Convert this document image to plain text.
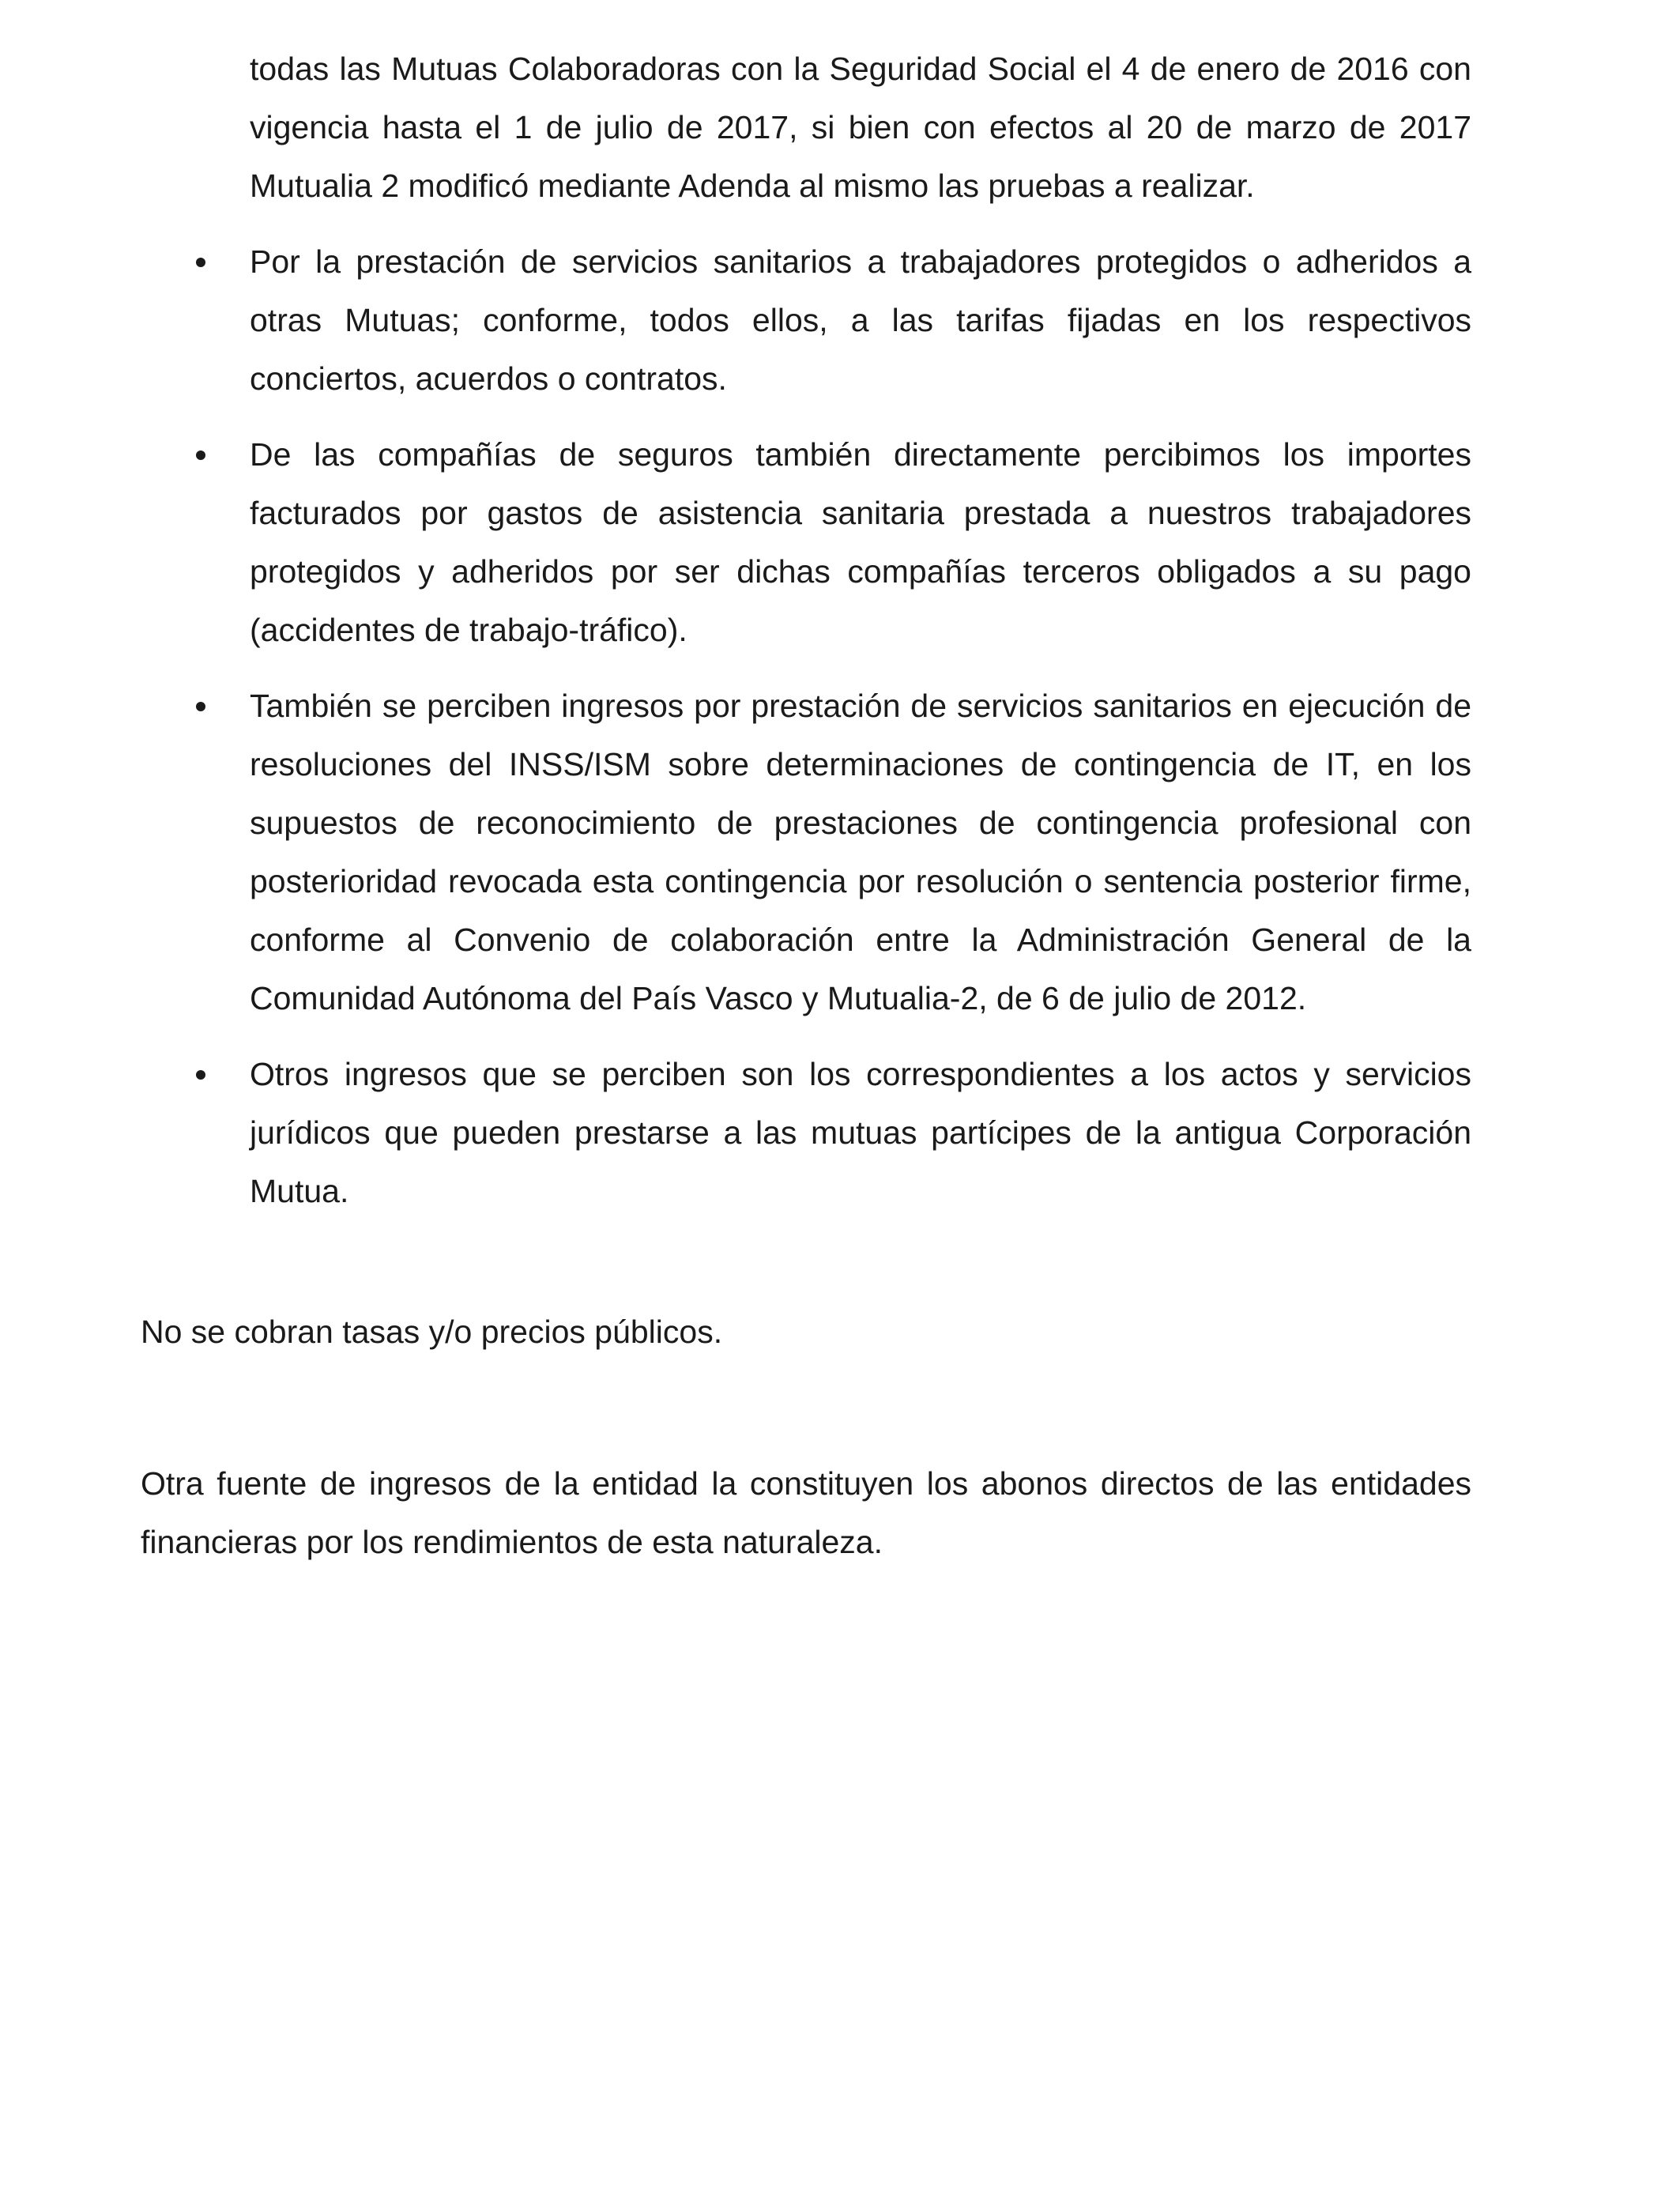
todas las Mutuas Colaboradoras con la Seguridad Social el 4 de enero de 2016 con vigencia hasta el 1 de julio de 2017, si bien con efectos al 20 de marzo de 2017 Mutualia 2 modificó mediante Adenda al mismo las pruebas a realizar.

Por la prestación de servicios sanitarios a trabajadores protegidos o adheridos a otras Mutuas; conforme, todos ellos, a las tarifas fijadas en los respectivos conciertos, acuerdos o contratos.
De las compañías de seguros también directamente percibimos los importes facturados por gastos de asistencia sanitaria prestada a nuestros trabajadores protegidos y adheridos por ser dichas compañías terceros obligados a su pago (accidentes de trabajo-tráfico).
También se perciben ingresos por prestación de servicios sanitarios en ejecución de resoluciones del INSS/ISM sobre determinaciones de contingencia de IT, en los supuestos de reconocimiento de prestaciones de contingencia profesional con posterioridad revocada esta contingencia por resolución o sentencia posterior firme, conforme al Convenio de colaboración entre la Administración General de la Comunidad Autónoma del País Vasco y Mutualia-2, de 6 de julio de 2012.
Otros ingresos que se perciben son los correspondientes a los actos y servicios jurídicos que pueden prestarse a las mutuas partícipes de la antigua Corporación Mutua.

No se cobran tasas y/o precios públicos.

Otra fuente de ingresos de la entidad la constituyen los abonos directos de las entidades financieras por los rendimientos de esta naturaleza.
